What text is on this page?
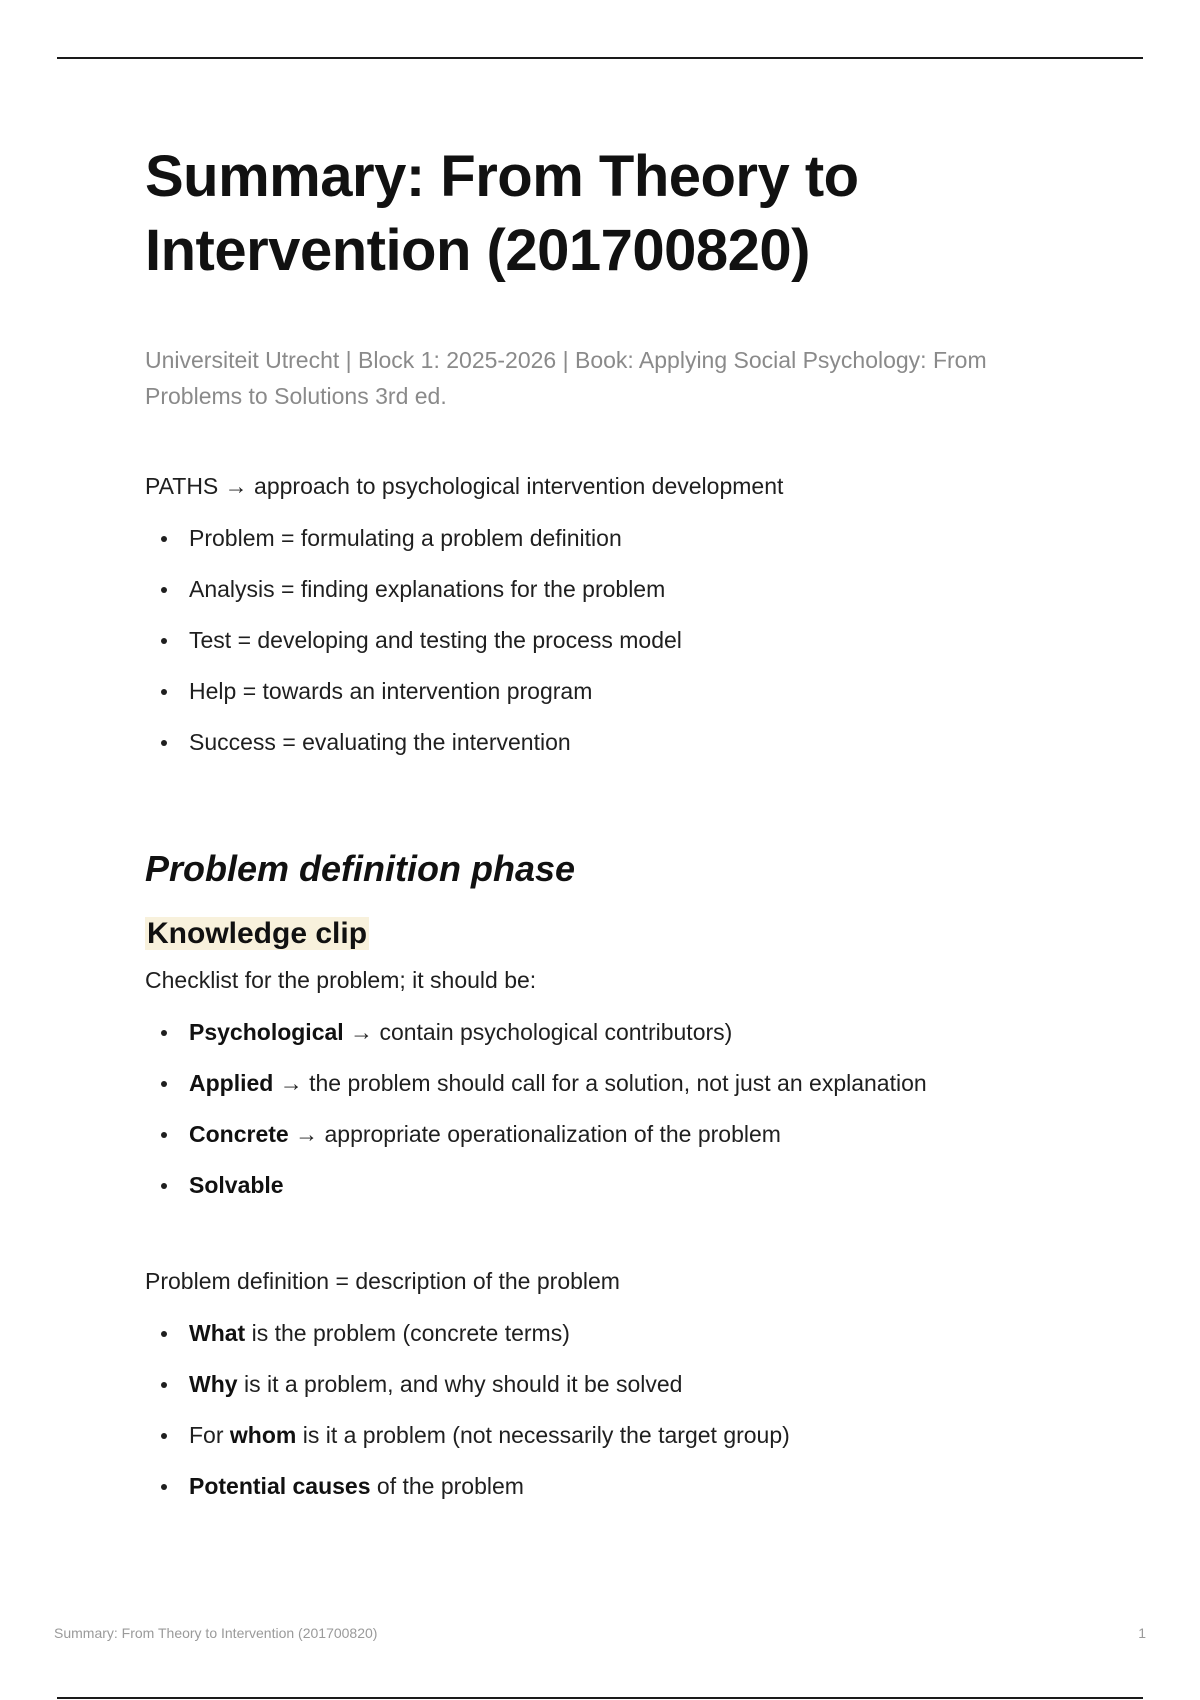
Summary: From Theory to Intervention (201700820)

Universiteit Utrecht | Block 1: 2025-2026 | Book: Applying Social Psychology: From Problems to Solutions 3rd ed.

PATHS → approach to psychological intervention development

Problem = formulating a problem definition
Analysis = finding explanations for the problem
Test = developing and testing the process model
Help = towards an intervention program
Success = evaluating the intervention
Problem definition phase
Knowledge clip

Checklist for the problem; it should be:

Psychological → contain psychological contributors)
Applied → the problem should call for a solution, not just an explanation
Concrete → appropriate operationalization of the problem
Solvable

Problem definition = description of the problem

What is the problem (concrete terms)
Why is it a problem, and why should it be solved
For whom is it a problem (not necessarily the target group)
Potential causes of the problem
Summary: From Theory to Intervention (201700820)	1
